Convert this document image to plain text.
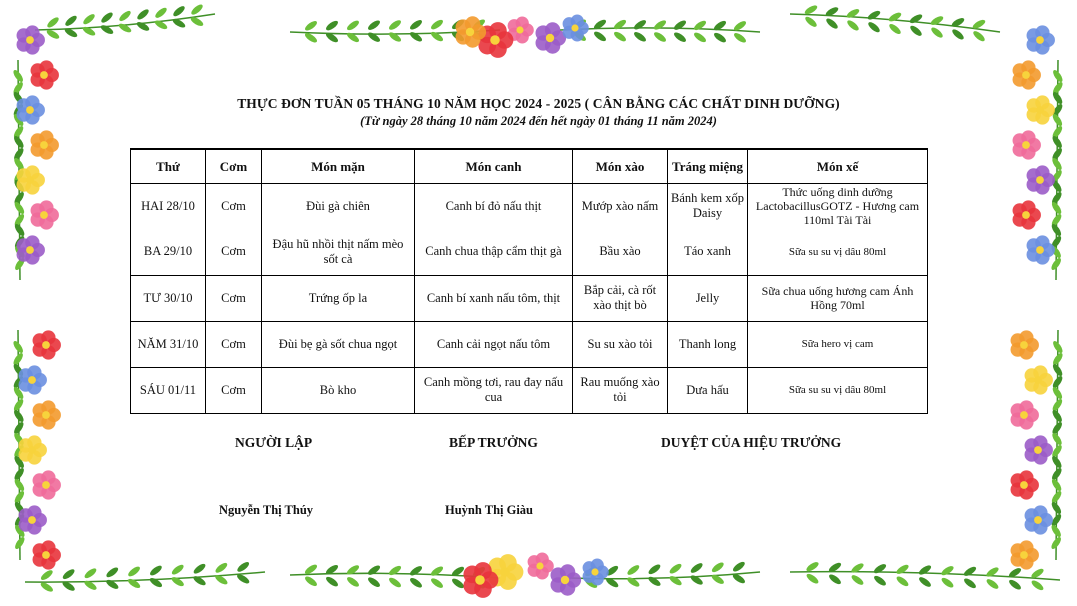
THỰC ĐƠN TUẦN 05 THÁNG 10 NĂM HỌC 2024 - 2025 ( CÂN BẰNG CÁC CHẤT DINH DƯỠNG)
(Từ ngày 28 tháng 10 năm 2024 đến hết ngày 01 tháng 11 năm 2024)
Thứ	Cơm	Món mặn	Món canh	Món xào	Tráng miệng	Món xế
HAI 28/10	Cơm	Đùi gà chiên	Canh bí đỏ nấu thịt	Mướp xào nấm	Bánh kem xốp Daisy	Thức uống dinh dưỡng LactobacillusGOTZ - Hương cam 110ml Tài Tài
BA 29/10	Cơm	Đậu hũ nhồi thịt nấm mèo sốt cà	Canh chua thập cẩm thịt gà	Bầu xào	Táo xanh	Sữa su su vị dâu 80ml
TƯ 30/10	Cơm	Trứng ốp la	Canh bí xanh nấu tôm, thịt	Bắp cải, cà rốt xào thịt bò	Jelly	Sữa chua uống hương cam Ánh Hồng 70ml
NĂM 31/10	Cơm	Đùi bẹ gà sốt chua ngọt	Canh cải ngọt nấu tôm	Su su xào tỏi	Thanh long	Sữa hero vị cam
SÁU 01/11	Cơm	Bò kho	Canh mồng tơi, rau đay nấu cua	Rau muống xào tỏi	Dưa hấu	Sữa su su vị dâu 80ml
NGƯỜI LẬP	BẾP TRƯỞNG	DUYỆT CỦA HIỆU TRƯỞNG
Nguyễn Thị Thúy	Huỳnh Thị Giàu
